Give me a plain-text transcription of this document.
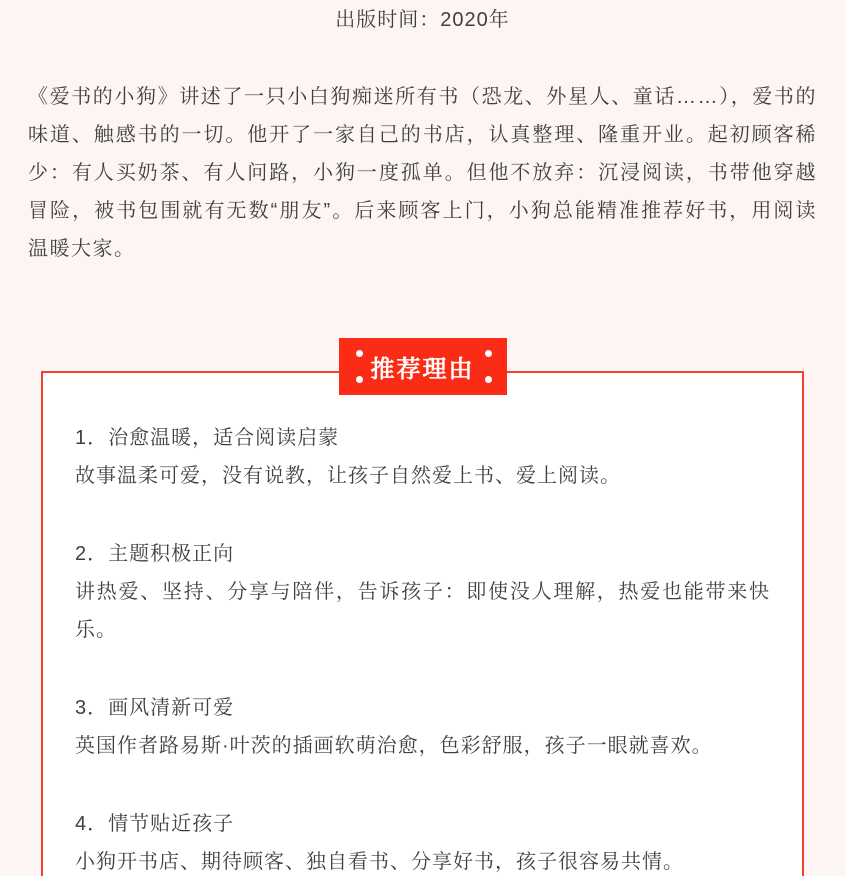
出版时间：2020年

《爱书的小狗》讲述了一只小白狗痴迷所有书（恐龙、外星人、童话……），爱书的味道、触感书的一切。他开了一家自己的书店，认真整理、隆重开业。起初顾客稀少：有人买奶茶、有人问路，小狗一度孤单。但他不放弃：沉浸阅读，书带他穿越冒险，被书包围就有无数“朋友”。后来顾客上门，小狗总能精准推荐好书，用阅读温暖大家。

推荐理由

1．治愈温暖，适合阅读启蒙

故事温柔可爱，没有说教，让孩子自然爱上书、爱上阅读。

2．主题积极正向

讲热爱、坚持、分享与陪伴，告诉孩子：即使没人理解，热爱也能带来快乐。

3．画风清新可爱

英国作者路易斯·叶茨的插画软萌治愈，色彩舒服，孩子一眼就喜欢。

4．情节贴近孩子

小狗开书店、期待顾客、独自看书、分享好书，孩子很容易共情。
